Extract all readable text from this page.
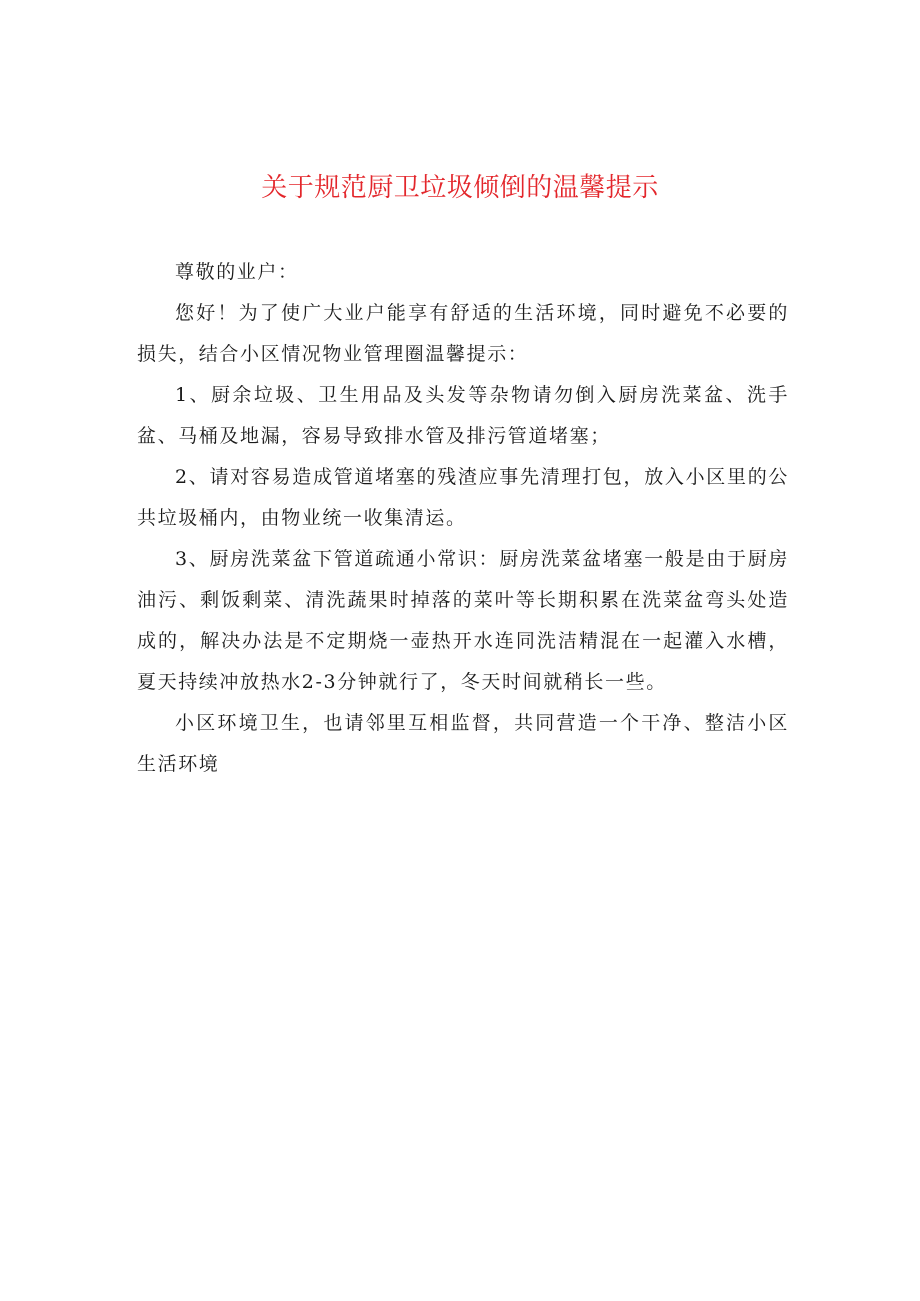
关于规范厨卫垃圾倾倒的温馨提示

尊敬的业户：

您好！为了使广大业户能享有舒适的生活环境，同时避免不必要的损失，结合小区情况物业管理圈温馨提示：

1、厨余垃圾、卫生用品及头发等杂物请勿倒入厨房洗菜盆、洗手盆、马桶及地漏，容易导致排水管及排污管道堵塞；

2、请对容易造成管道堵塞的残渣应事先清理打包，放入小区里的公共垃圾桶内，由物业统一收集清运。

3、厨房洗菜盆下管道疏通小常识：厨房洗菜盆堵塞一般是由于厨房油污、剩饭剩菜、清洗蔬果时掉落的菜叶等长期积累在洗菜盆弯头处造成的，解决办法是不定期烧一壶热开水连同洗洁精混在一起灌入水槽，夏天持续冲放热水2-3分钟就行了，冬天时间就稍长一些。

小区环境卫生，也请邻里互相监督，共同营造一个干净、整洁小区生活环境
